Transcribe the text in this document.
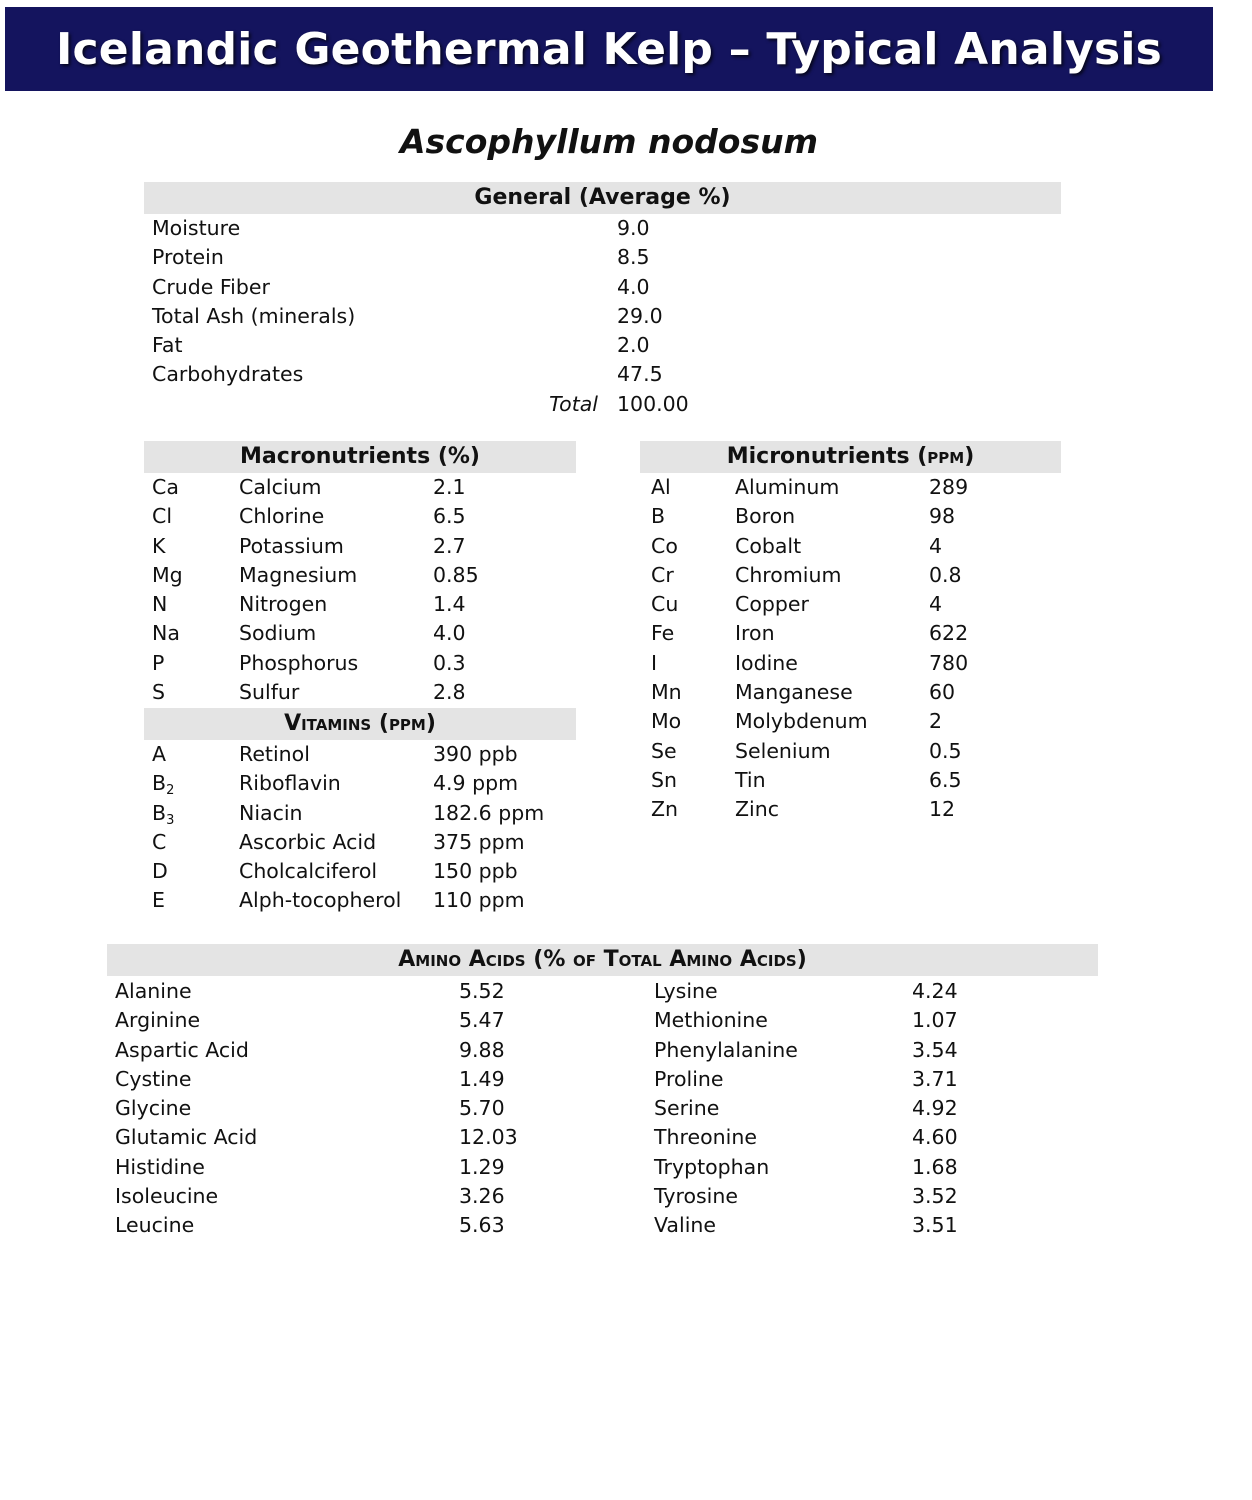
Icelandic Geothermal Kelp – Typical Analysis
Ascophyllum nodosum
General (Average %)
Moisture
Protein
Crude Fiber
Total Ash (minerals)
Fat
Carbohydrates
9.0
8.5
4.0
29.0
2.0
47.5
Total 100.00
Macronutrients (%)
Ca
Cl
K
Mg
N
Na
P
S
Calcium
Chlorine
Potassium
Magnesium
Nitrogen
Sodium
Phosphorus
Sulfur
2.1
6.5
2.7
0.85
1.4
4.0
0.3
2.8
Vitamins (ppm)
A
$B_2$
$B_3$
C
D
E
Retinol
Riboflavin
Niacin
Ascorbic Acid
Cholcalciferol
Alph-tocopherol
390 ppb
4.9 ppm
182.6 ppm
375 ppm
150 ppb
110 ppm
Micronutrients (ppm)
Al
B
Co
Cr
Cu
Fe
I
Mn
Mo
Se
Sn
Zn
Aluminum
Boron
Cobalt
Chromium
Copper
Iron
Iodine
Manganese
Molybdenum
Selenium
Tin
Zinc
289
98
4
0.8
4
622
780
60
2
0.5
6.5
12
Amino Acids (% of Total Amino Acids)
Alanine
Arginine
Aspartic Acid
Cystine
Glycine
Glutamic Acid
Histidine
Isoleucine
Leucine
5.52
5.47
9.88
1.49
5.70
12.03
1.29
3.26
5.63
Lysine
Methionine
Phenylalanine
Proline
Serine
Threonine
Tryptophan
Tyrosine
Valine
4.24
1.07
3.54
3.71
4.92
4.60
1.68
3.52
3.51
